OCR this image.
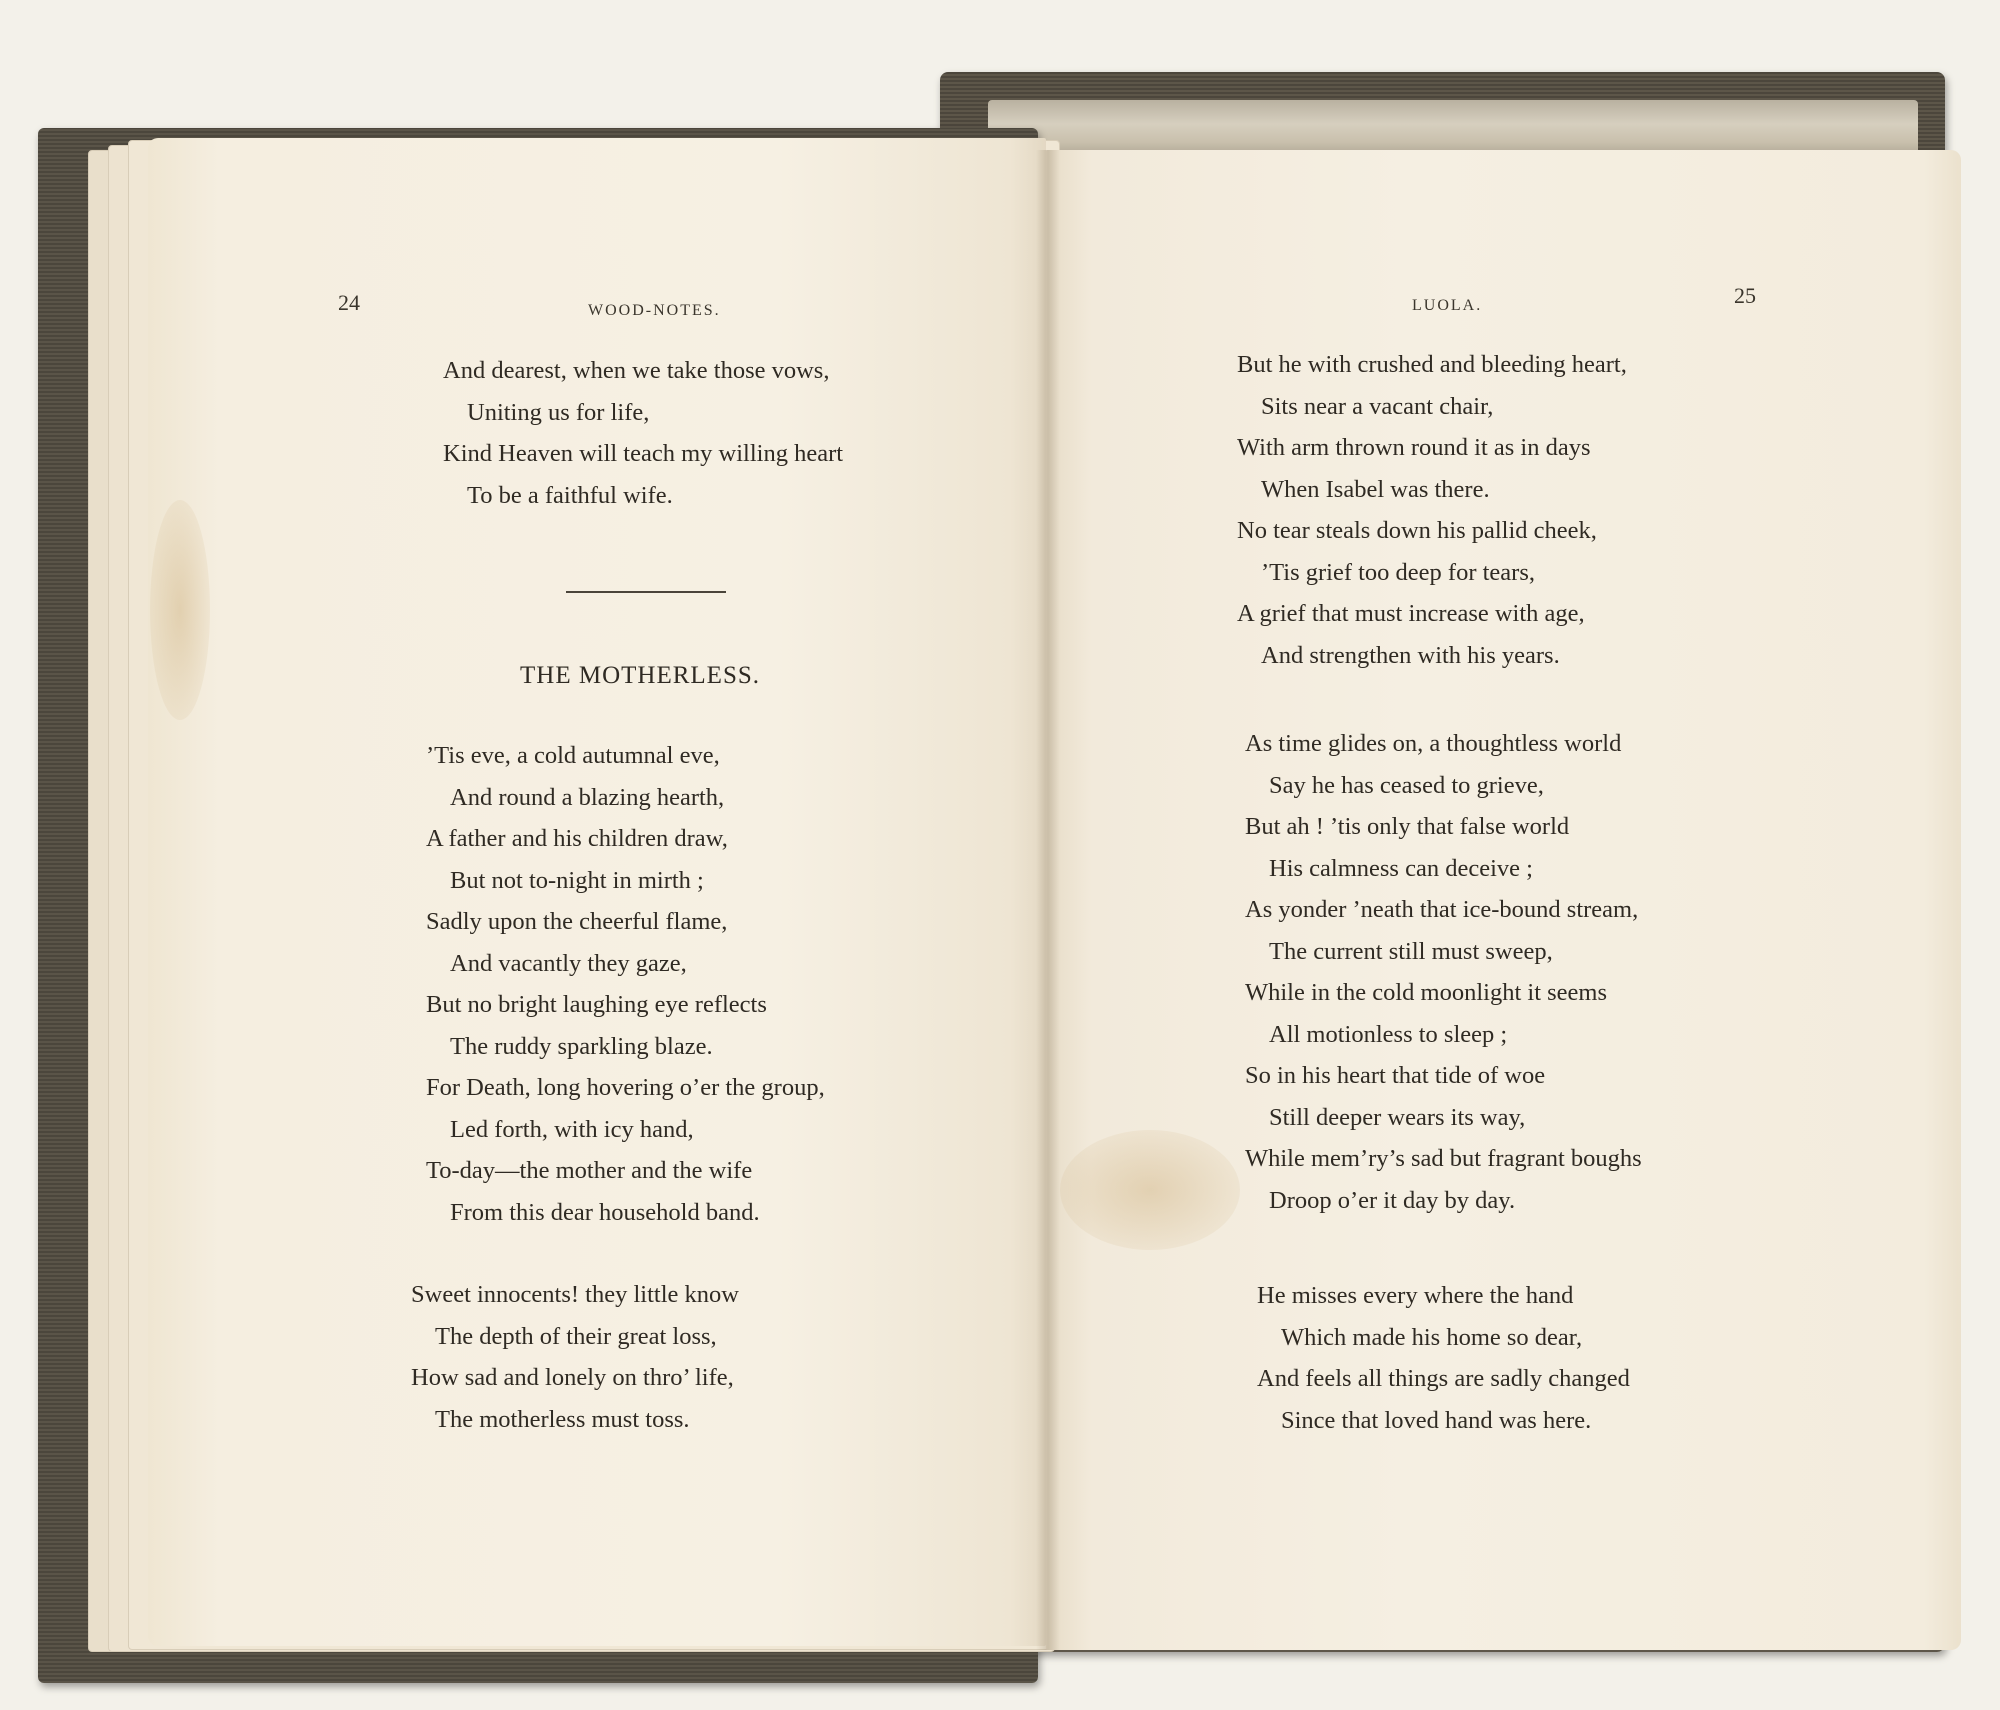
24	WOOD-NOTES.
And dearest, when we take those vows,
Uniting us for life,
Kind Heaven will teach my willing heart
To be a faithful wife.
THE MOTHERLESS.
’Tis eve, a cold autumnal eve,
And round a blazing hearth,
A father and his children draw,
But not to-night in mirth ;
Sadly upon the cheerful flame,
And vacantly they gaze,
But no bright laughing eye reflects
The ruddy sparkling blaze.
For Death, long hovering o’er the group,
Led forth, with icy hand,
To-day—the mother and the wife
From this dear household band.
Sweet innocents! they little know
The depth of their great loss,
How sad and lonely on thro’ life,
The motherless must toss.
25
LUOLA.
But he with crushed and bleeding heart,
Sits near a vacant chair,
With arm thrown round it as in days
When Isabel was there.
No tear steals down his pallid cheek,
’Tis grief too deep for tears,
A grief that must increase with age,
And strengthen with his years.
As time glides on, a thoughtless world
Say he has ceased to grieve,
But ah ! ’tis only that false world
His calmness can deceive ;
As yonder ’neath that ice-bound stream,
The current still must sweep,
While in the cold moonlight it seems
All motionless to sleep ;
So in his heart that tide of woe
Still deeper wears its way,
While mem’ry’s sad but fragrant boughs
Droop o’er it day by day.
He misses every where the hand
Which made his home so dear,
And feels all things are sadly changed
Since that loved hand was here.
